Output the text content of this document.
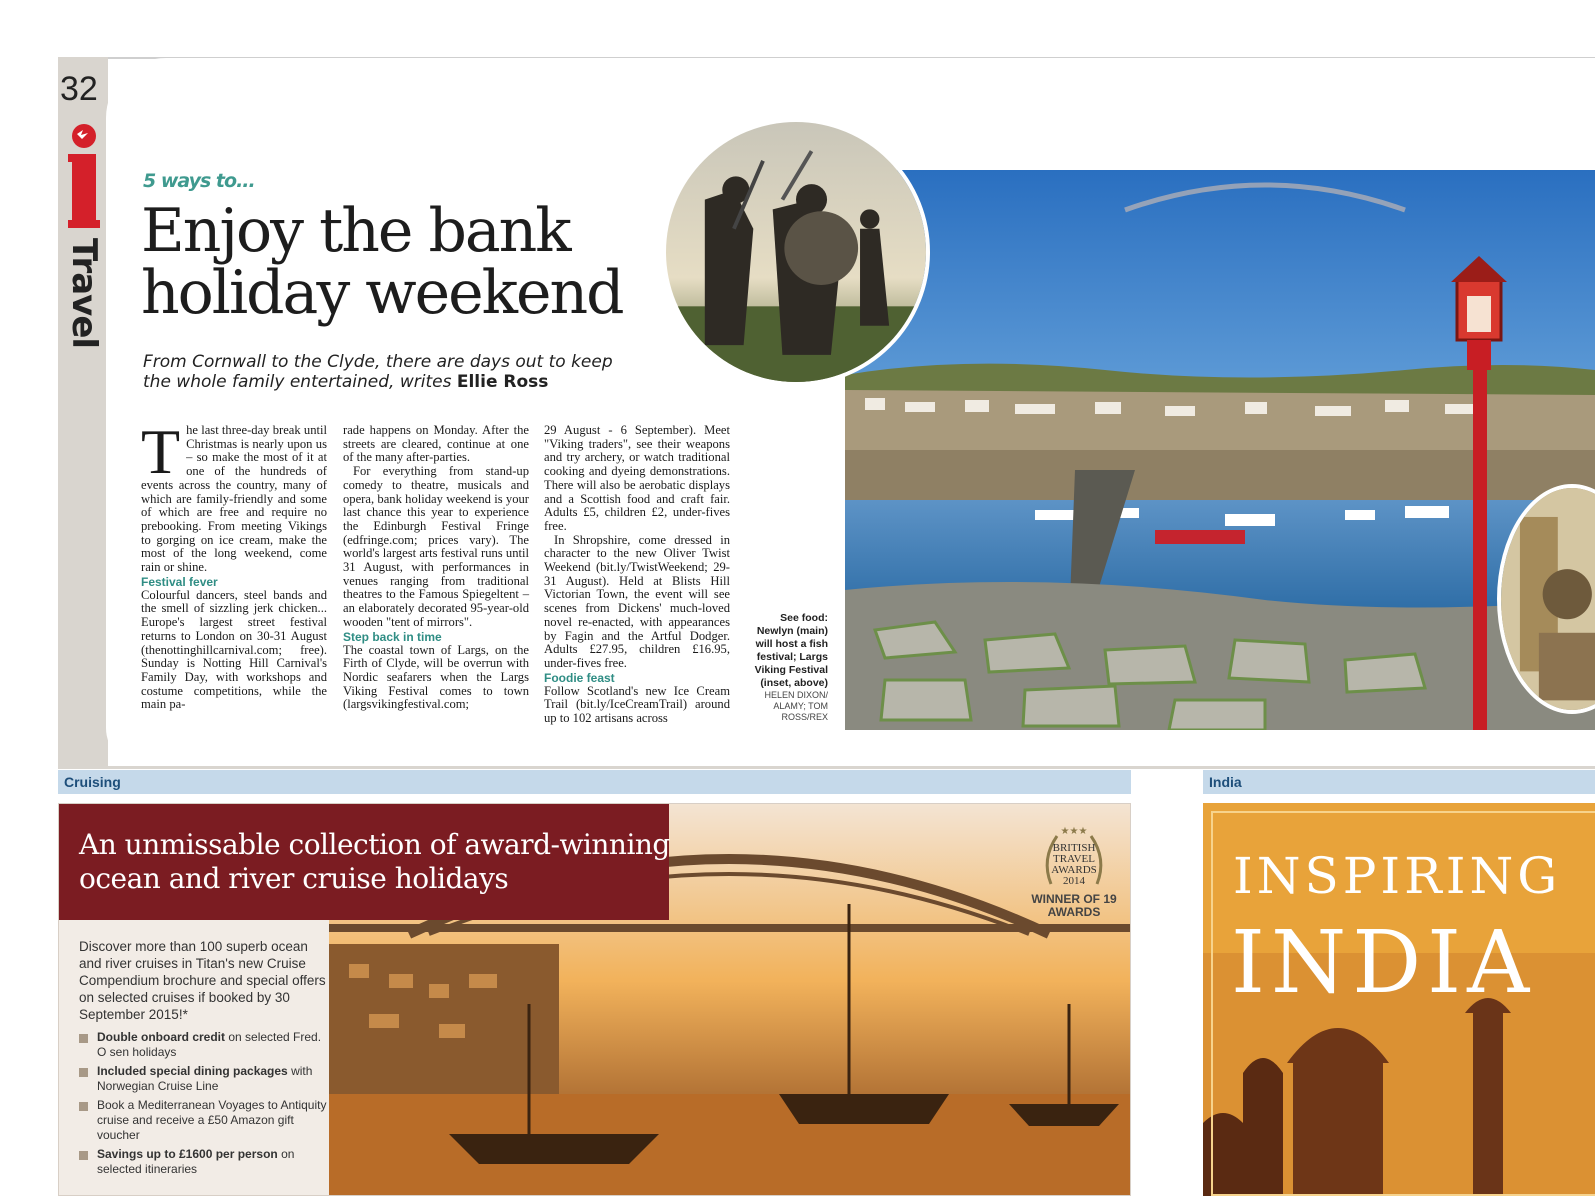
32
Travel
5 ways to...
Enjoy the bank holiday weekend
From Cornwall to the Clyde, there are days out to keep the whole family entertained, writes Ellie Ross

The last three-day break until Christmas is nearly upon us – so make the most of it at one of the hundreds of events across the country, many of which are family-friendly and some of which are free and require no prebooking. From meeting Vikings to gorging on ice cream, make the most of the long weekend, come rain or shine.

Festival fever

Colourful dancers, steel bands and the smell of sizzling jerk chicken... Europe's largest street festival returns to London on 30-31 August (thenottinghillcarnival.com; free). Sunday is Notting Hill Carnival's Family Day, with workshops and costume competitions, while the main pa-

rade happens on Monday. After the streets are cleared, continue at one of the many after-parties.

For everything from stand-up comedy to theatre, musicals and opera, bank holiday weekend is your last chance this year to experience the Edinburgh Festival Fringe (edfringe.com; prices vary). The world's largest arts festival runs until 31 August, with performances in venues ranging from traditional theatres to the Famous Spiegeltent – an elaborately decorated 95-year-old wooden "tent of mirrors".

Step back in time

The coastal town of Largs, on the Firth of Clyde, will be overrun with Nordic seafarers when the Largs Viking Festival comes to town (largsvikingfestival.com;

29 August - 6 September). Meet "Viking traders", see their weapons and try archery, or watch traditional cooking and dyeing demonstrations. There will also be aerobatic displays and a Scottish food and craft fair. Adults £5, children £2, under-fives free.

In Shropshire, come dressed in character to the new Oliver Twist Weekend (bit.ly/TwistWeekend; 29-31 August). Held at Blists Hill Victorian Town, the event will see scenes from Dickens' much-loved novel re-enacted, with appearances by Fagin and the Artful Dodger. Adults £27.95, children £16.95, under-fives free.

Foodie feast

Follow Scotland's new Ice Cream Trail (bit.ly/IceCreamTrail) around up to 102 artisans across

See food: Newlyn (main) will host a fish festival; Largs Viking Festival (inset, above)
HELEN DIXON/ ALAMY; TOM ROSS/REX
Cruising	India
An unmissable collection of award-winning ocean and river cruise holidays
Discover more than 100 superb ocean and river cruises in Titan's new Cruise Compendium brochure and special offers on selected cruises if booked by 30 September 2015!*
Double onboard credit on selected Fred. O sen holidays
Included special dining packages with Norwegian Cruise Line
Book a Mediterranean Voyages to Antiquity cruise and receive a £50 Amazon gift voucher
Savings up to £1600 per person on selected itineraries
★★★
BRITISH
TRAVEL
AWARDS
2014
WINNER OF 19 AWARDS
INSPIRING
INDIA
